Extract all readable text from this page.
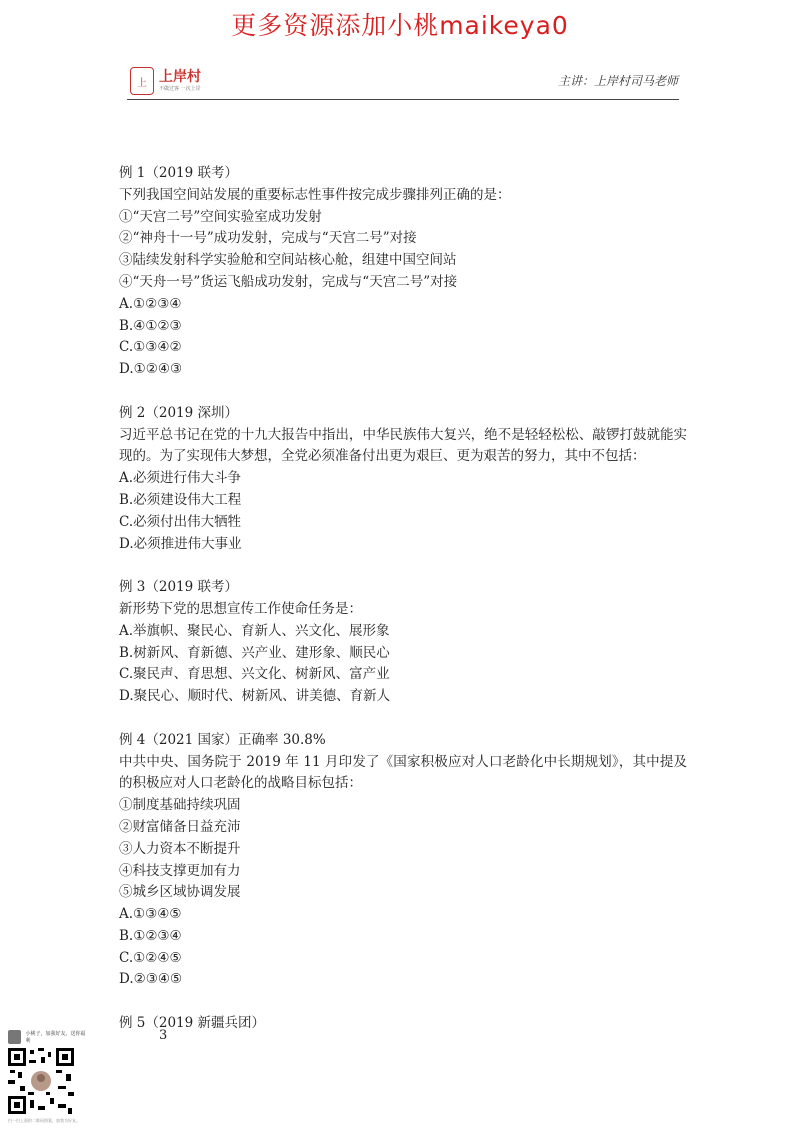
更多资源添加小桃maikeya0
上 上岸村
不做过客 一次上岸
主讲：上岸村司马老师
例 1（2019 联考）
下列我国空间站发展的重要标志性事件按完成步骤排列正确的是：
①“天宫二号”空间实验室成功发射
②“神舟十一号”成功发射，完成与“天宫二号”对接
③陆续发射科学实验舱和空间站核心舱，组建中国空间站
④“天舟一号”货运飞船成功发射，完成与“天宫二号”对接
A.①②③④
B.④①②③
C.①③④②
D.①②④③
例 2（2019 深圳）
习近平总书记在党的十九大报告中指出，中华民族伟大复兴，绝不是轻轻松松、敲锣打鼓就能实现的。为了实现伟大梦想，全党必须准备付出更为艰巨、更为艰苦的努力，其中不包括：
A.必须进行伟大斗争
B.必须建设伟大工程
C.必须付出伟大牺牲
D.必须推进伟大事业
例 3（2019 联考）
新形势下党的思想宣传工作使命任务是：
A.举旗帜、聚民心、育新人、兴文化、展形象
B.树新风、育新德、兴产业、建形象、顺民心
C.聚民声、育思想、兴文化、树新风、富产业
D.聚民心、顺时代、树新风、讲美德、育新人
例 4（2021 国家）正确率 30.8%
中共中央、国务院于 2019 年 11 月印发了《国家积极应对人口老龄化中长期规划》，其中提及的积极应对人口老龄化的战略目标包括：
①制度基础持续巩固
②财富储备日益充沛
③人力资本不断提升
④科技支撑更加有力
⑤城乡区域协调发展
A.①③④⑤
B.①②③④
C.①②④⑤
D.②③④⑤
例 5（2019 新疆兵团）
小桃子，加我好友，送你福利
扫一扫上面的二维码图案，加我为好友。
3
